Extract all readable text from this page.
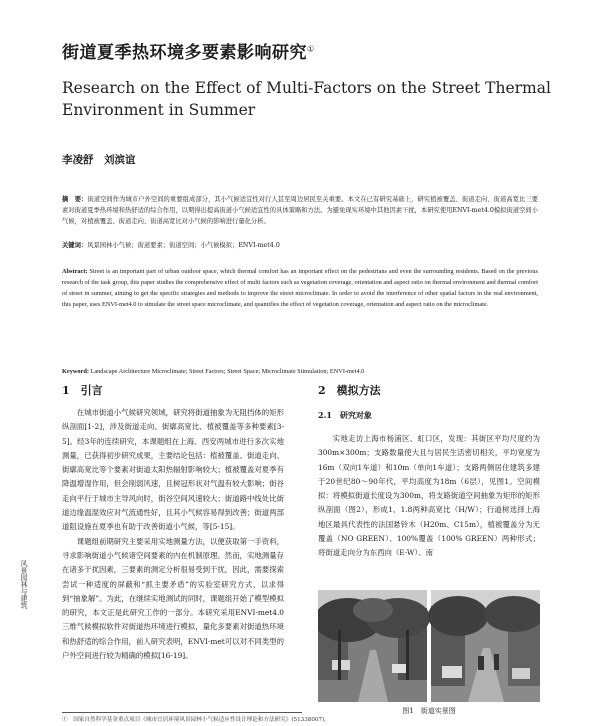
街道夏季热环境多要素影响研究①
Research on the Effect of Multi-Factors on the Street Thermal Environment in Summer
李凌舒　刘滨谊
摘　要：街道空间作为城市户外空间的重要组成部分，其小气候适宜性对行人甚至周边居民至关重要。本文在已有研究基础上，研究植被覆盖、街道走向、街道高宽比三要素对街道夏季热环境和热舒适的综合作用，以期得出提高街道小气候适宜性的具体策略和方法。为避免现实环境中其他因素干扰，本研究使用ENVI-met4.0模拟街道空间小气候，对植被覆盖、街道走向、街道高宽比对小气候的影响进行量化分析。
关键词：风景园林小气候；街道要素；街道空间；小气候模拟；ENVI-met4.0
Abstract: Street is an important part of urban outdoor space, which thermal comfort has an important effect on the pedestrians and even the surrounding residents. Based on the previous research of the task group, this paper studies the comprehensive effect of multi factors such as vegetation coverage, orientation and aspect ratio on thermal environment and thermal comfort of street in summer, aiming to get the specific strategies and methods to improve the street microclimate. In order to avoid the interference of other spatial factors in the real environment, this paper, uses ENVI-met4.0 to simulate the street space microclimate, and quantifies the effect of vegetation coverage, orientation and aspect ratio on the microclimate.
Keyword: Landscape Architecture Microclimate; Street Factors; Street Space; Microclimate Stimulation; ENVI-met4.0
1　引言

在城市街道小气候研究领域，研究将街道抽象为无阻挡体的矩形纵剖面[1-2]，涉及街道走向、街廓高宽比、植被覆盖等多种要素[3-5]。经3年的连续研究，本课题组在上海、西安两城市进行多次实地测量，已获得初步研究成果，主要结论包括：植被覆盖、街道走向、街廓高宽比等个要素对街道太阳热辐射影响较大；植被覆盖对夏季有降温增湿作用，但会削弱风速，且树冠形状对气温有较大影响；街谷走向平行于城市主导风向时，街谷空间风速较大；街道路中线处比街道边缘温湿效应对气流通性好，且其小气候容易得到改善；街道两部道阻设施在夏季也有助于改善街道小气候，等[5-15]。

课题组前期研究主要采用实地测量方法，以便获取第一手资料，寻求影响街道小气候诸空间要素的内在机制原理。然而，实地测量存在诸多干扰因素，三要素的测定分析很易受到干扰，因此，需要探索尝试一种适度的屏蔽和“抓主要矛盾”的实验室研究方式，以求得到“抽象解”。为此，在继续实地测试的同时，课题组开始了模型模拟的研究，本文正是此研究工作的一部分。本研究采用ENVI-met4.0三维气候模拟软件对街道热环境进行模拟，量化多要素对街道热环境和热舒适的综合作用，前人研究表明，ENVI-met可以对不同类型的户外空间进行较为精确的模拟[16-19]。

2　模拟方法
2.1　研究对象

实地走访上海市杨浦区、虹口区，发现：其街区平均尺度约为300m×300m；支路数量使大且与居民生活密切相关，平均宽度为16m（双向1车道）和10m（单向1车道）；支路两侧居住建筑多建于20世纪80～90年代，平均高度为18m（6层），见图1。空间模拟：将模拟街道长度设为300m，将支路街道空间抽象为矩形的矩形纵剖面（图2），形成1、1.8两种高宽比（H/W）；行道树选择上海地区最具代表性的法国悬铃木（H20m、C15m），植被覆盖分为无覆盖（NO GREEN）、100%覆盖（100% GREEN）两种形式；将街道走向分为东西向（E-W）、南

图1　街道实景图
风景园林与建筑
①　国家自然科学基金重点项目《城市宜居环境风景园林小气候适应性设计理论和方法研究》(51338007)。
